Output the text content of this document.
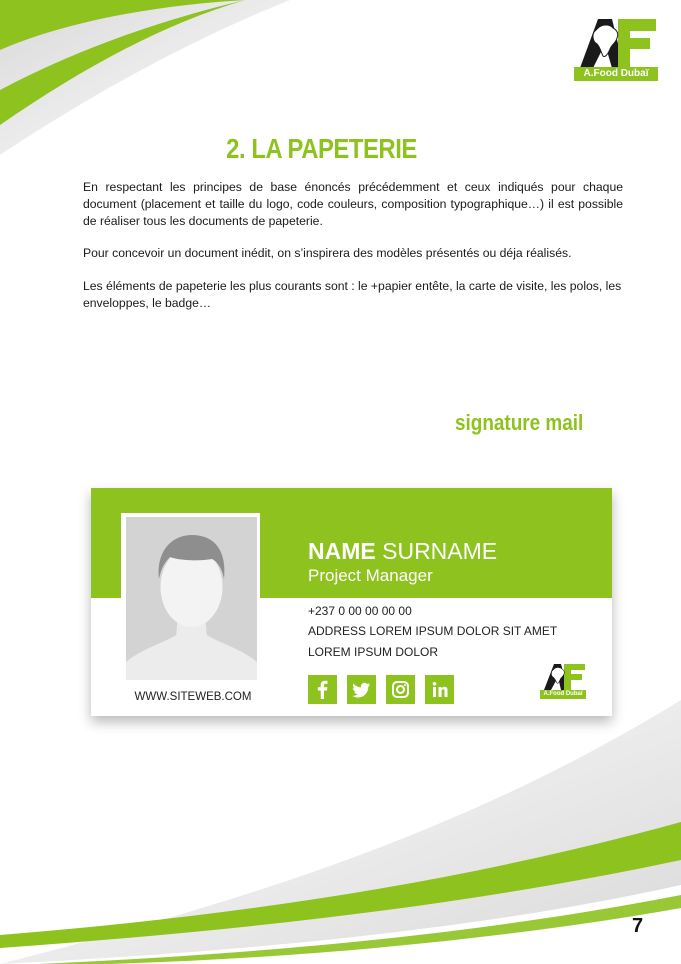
A.Food Dubaï
2. LA PAPETERIE

En respectant les principes de base énoncés précédemment et ceux indiqués pour chaque document (placement et taille du logo, code couleurs, composition typographique…) il est possible de réaliser tous les documents de papeterie.

Pour concevoir un document inédit, on s’inspirera des modèles présentés ou déja réalisés.

Les éléments de papeterie les plus courants sont : le +papier entête, la carte de visite, les polos, les enveloppes, le badge…

signature mail
NAME SURNAME
Project Manager
+237 0 00 00 00 00
ADDRESS LOREM IPSUM DOLOR SIT AMET
LOREM IPSUM DOLOR
WWW.SITEWEB.COM	A.Food Dubaï
7
